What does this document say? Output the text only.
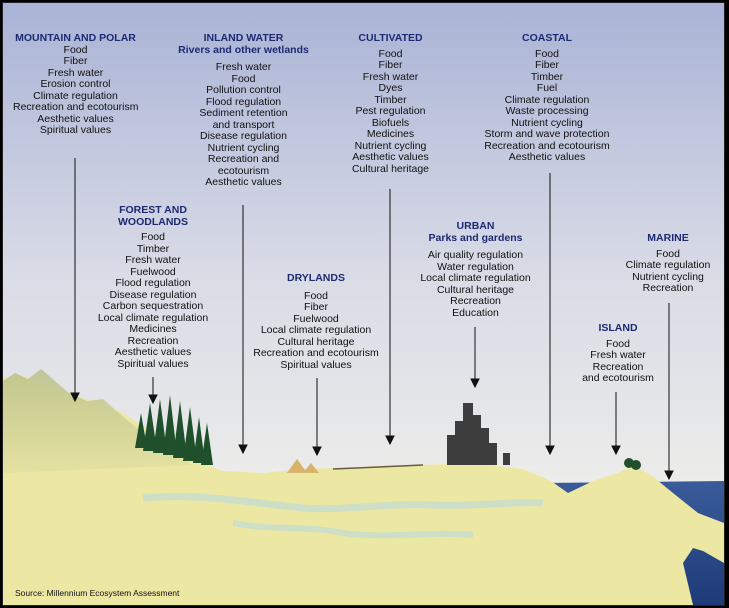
MOUNTAIN AND POLAR
Food
Fiber
Fresh water
Erosion control
Climate regulation
Recreation and ecotourism
Aesthetic values
Spiritual values
INLAND WATER
Rivers and other wetlands
Fresh water
Food
Pollution control
Flood regulation
Sediment retention
and transport
Disease regulation
Nutrient cycling
Recreation and
ecotourism
Aesthetic values
CULTIVATED
Food
Fiber
Fresh water
Dyes
Timber
Pest regulation
Biofuels
Medicines
Nutrient cycling
Aesthetic values
Cultural heritage
COASTAL
Food
Fiber
Timber
Fuel
Climate regulation
Waste processing
Nutrient cycling
Storm and wave protection
Recreation and ecotourism
Aesthetic values
FOREST AND
WOODLANDS
Food
Timber
Fresh water
Fuelwood
Flood regulation
Disease regulation
Carbon sequestration
Local climate regulation
Medicines
Recreation
Aesthetic values
Spiritual values
DRYLANDS
Food
Fiber
Fuelwood
Local climate regulation
Cultural heritage
Recreation and ecotourism
Spiritual values
URBAN
Parks and gardens
Air quality regulation
Water regulation
Local climate regulation
Cultural heritage
Recreation
Education
MARINE
Food
Climate regulation
Nutrient cycling
Recreation
ISLAND
Food
Fresh water
Recreation
and ecotourism
Source: Millennium Ecosystem Assessment
